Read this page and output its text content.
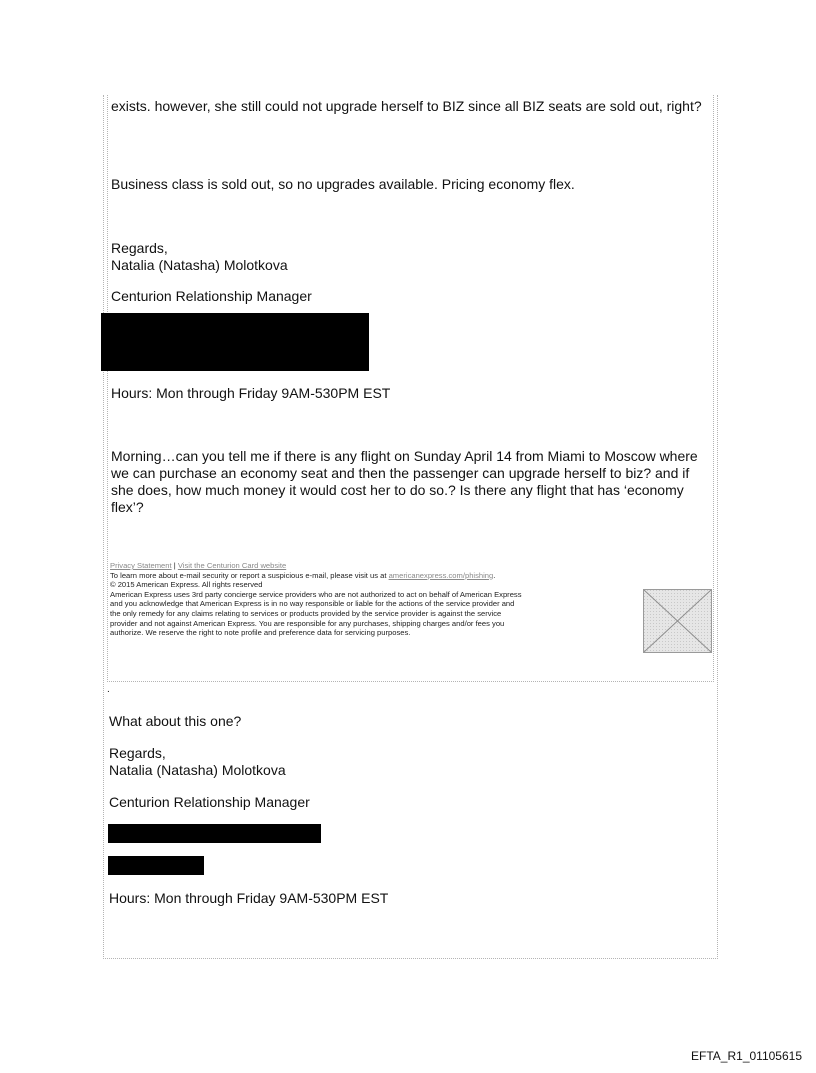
exists. however, she still could not upgrade herself to BIZ since all BIZ seats are sold out, right?
Business class is sold out, so no upgrades available. Pricing economy flex.
Regards,
Natalia (Natasha) Molotkova
Centurion Relationship Manager
Hours: Mon through Friday 9AM-530PM EST
Morning…can you tell me if there is any flight on Sunday April 14 from Miami to Moscow where
we can purchase an economy seat and then the passenger can upgrade herself to biz? and if
she does, how much money it would cost her to do so.? Is there any flight that has ‘economy
flex’?
Privacy Statement | Visit the Centurion Card website
To learn more about e-mail security or report a suspicious e-mail, please visit us at americanexpress.com/phishing.
© 2015 American Express. All rights reserved
American Express uses 3rd party concierge service providers who are not authorized to act on behalf of American Express
and you acknowledge that American Express is in no way responsible or liable for the actions of the service provider and
the only remedy for any claims relating to services or products provided by the service provider is against the service
provider and not against American Express. You are responsible for any purchases, shipping charges and/or fees you
authorize. We reserve the right to note profile and preference data for servicing purposes.
.
What about this one?
Regards,
Natalia (Natasha) Molotkova
Centurion Relationship Manager
Hours: Mon through Friday 9AM-530PM EST
EFTA_R1_01105615
